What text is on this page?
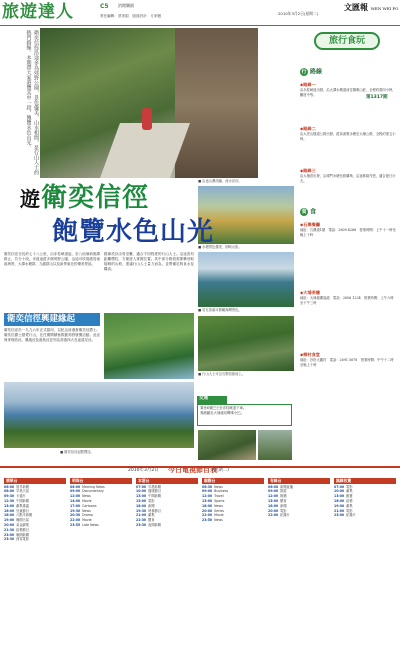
旅遊達人	C5 消閒樂園
責任編輯：蔡美娟　版面設計：方家駿	2010年3月2日(星期二)
文匯報 WEN WEI PO
衛奕信徑沿途多為郊野公園，景色優美，山水相間，是行山人士的熱門路線。本期帶大家遊覽其中一段，飽覽水色山光。
■ 沿途山澗清幽，流水淙淙。
■ 水塘景色優美，倒映山影。
■ 站在高處可俯瞰海灣景色。
■ 行山人士可沿石階拾級而上。
遊衛奕信徑
飽覽水色山光
衛奕信徑全長約七十八公里，由赤柱峽道起，至八仙嶺新娘潭路止，共分十段。步道途經多個郊野公園，沿途可欣賞港島南區海景、大潭水塘群、九龍群山以及新界東北的優美景致。
路線設計由易至難，適合不同程度的行山人士。沿途設有距離標柱，方便遊人掌握位置。其中部分路段需要攀登較陡峭的山坡，建議行山人士量力而為，並帶備足夠食水及糧食。
衛奕信徑興建緣起
衛奕信徑於一九九六年正式啟用，以紀念前港督衛奕信爵士。衛奕信爵士熱愛行山，在任期間積極推動郊野康樂活動。此徑與麥理浩徑、鳳凰徑及港島徑並列為香港四大長途遠足徑。
■ 衛奕信徑起點標誌。
交通
乘坐6號巴士至赤柱峽道下車。
乘港鐵至大埔墟站轉乘小巴。
旅行食玩
行 路線
第1317期
◆路線一
由赤柱峽道出發，沿大潭水塘道前往陽明山莊，全程約需四小時，難度中等。
◆路線二
由大老山隧道公路出發，經黃泥墩水塘至大埔公路，全程約需五小時。
◆路線三
由大埔滘出發，沿城門水塘至鉛礦坳，沿途林蔭茂密，適合夏日行走。
食 食
◆石澳餐廳
地址：石澳道1號　電話：2809 4268　營業時間：上午十一時至晚上十時
◆大埔茶樓
地址：大埔墟廣福道　電話：2656 1234　營業時間：上午六時至下午三時
◆鄉村食堂
地址：沙田大圍村　電話：2691 5678　營業時間：中午十二時至晚上十時
2010年3月2日 今日電視節目表
(星期二)
翡翠台
06:00 晨早新聞
08:00 早晨天氣
09:30 卡通片
12:30 午間新聞
13:00 劇集重溫
16:00 兒童節目
18:00 六點半新聞
19:00 晚間天氣
20:00 黃金劇集
21:30 綜藝節目
23:00 晚間新聞
23:30 深宵電影
明珠台
06:00 Morning News
09:00 Documentary
12:00 News
14:00 Movie
17:00 Cartoons
19:30 News
20:30 Drama
22:00 Movie
23:55 Late News
本港台
07:00 早晨新聞
10:00 健康節目
13:00 午間新聞
15:00 電影
18:00 新聞
19:30 時事節目
21:00 劇集
22:30 體育
23:30 夜間新聞
國際台
06:30 News
09:00 Business
12:00 Travel
15:00 Sports
18:00 News
20:00 Series
22:00 Movie
23:50 News
有線台
06:00 新聞直播
09:00 財經
12:00 娛樂
15:00 體育
18:00 新聞
20:00 電影
22:00 紀錄片
無線收費
07:00 電影
10:00 劇集
13:00 動畫
16:00 綜藝
19:00 劇集
21:00 電影
23:00 紀錄片
